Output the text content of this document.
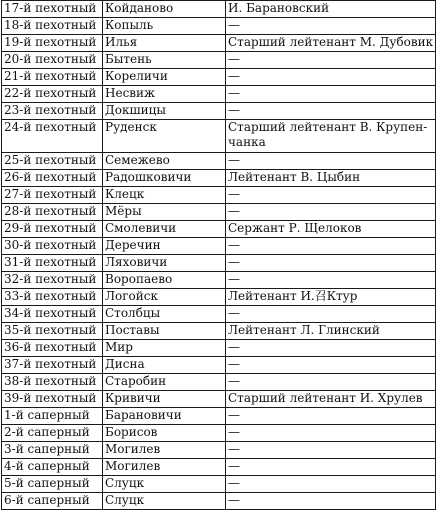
17-й пехотный	Койданово	И. Барановский
18-й пехотный	Копыль	—
19-й пехотный	Илья	Старший лейтенант М. Дубовик
20-й пехотный	Бытень	—
21-й пехотный	Кореличи	—
22-й пехотный	Несвиж	—
23-й пехотный	Докшицы	—
24-й пехотный	Руденск	Старший лейтенант В. Крупен-чанка
25-й пехотный	Семежево	—
26-й пехотный	Радошковичи	Лейтенант В. Цыбин
27-й пехотный	Клецк	—
28-й пехотный	Мёры	—
29-й пехотный	Смолевичи	Сержант Р. Щелоков
30-й пехотный	Деречин	—
31-й пехотный	Ляховичи	—
32-й пехотный	Воропаево	—
33-й пехотный	Логойск	Лейтенант И.召Ктур
34-й пехотный	Столбцы	—
35-й пехотный	Поставы	Лейтенант Л. Глинский
36-й пехотный	Мир	—
37-й пехотный	Дисна	—
38-й пехотный	Старобин	—
39-й пехотный	Кривичи	Старший лейтенант И. Хрулев
1-й саперный	Барановичи	—
2-й саперный	Борисов	—
3-й саперный	Могилев	—
4-й саперный	Могилев	—
5-й саперный	Слуцк	—
6-й саперный	Слуцк	—
